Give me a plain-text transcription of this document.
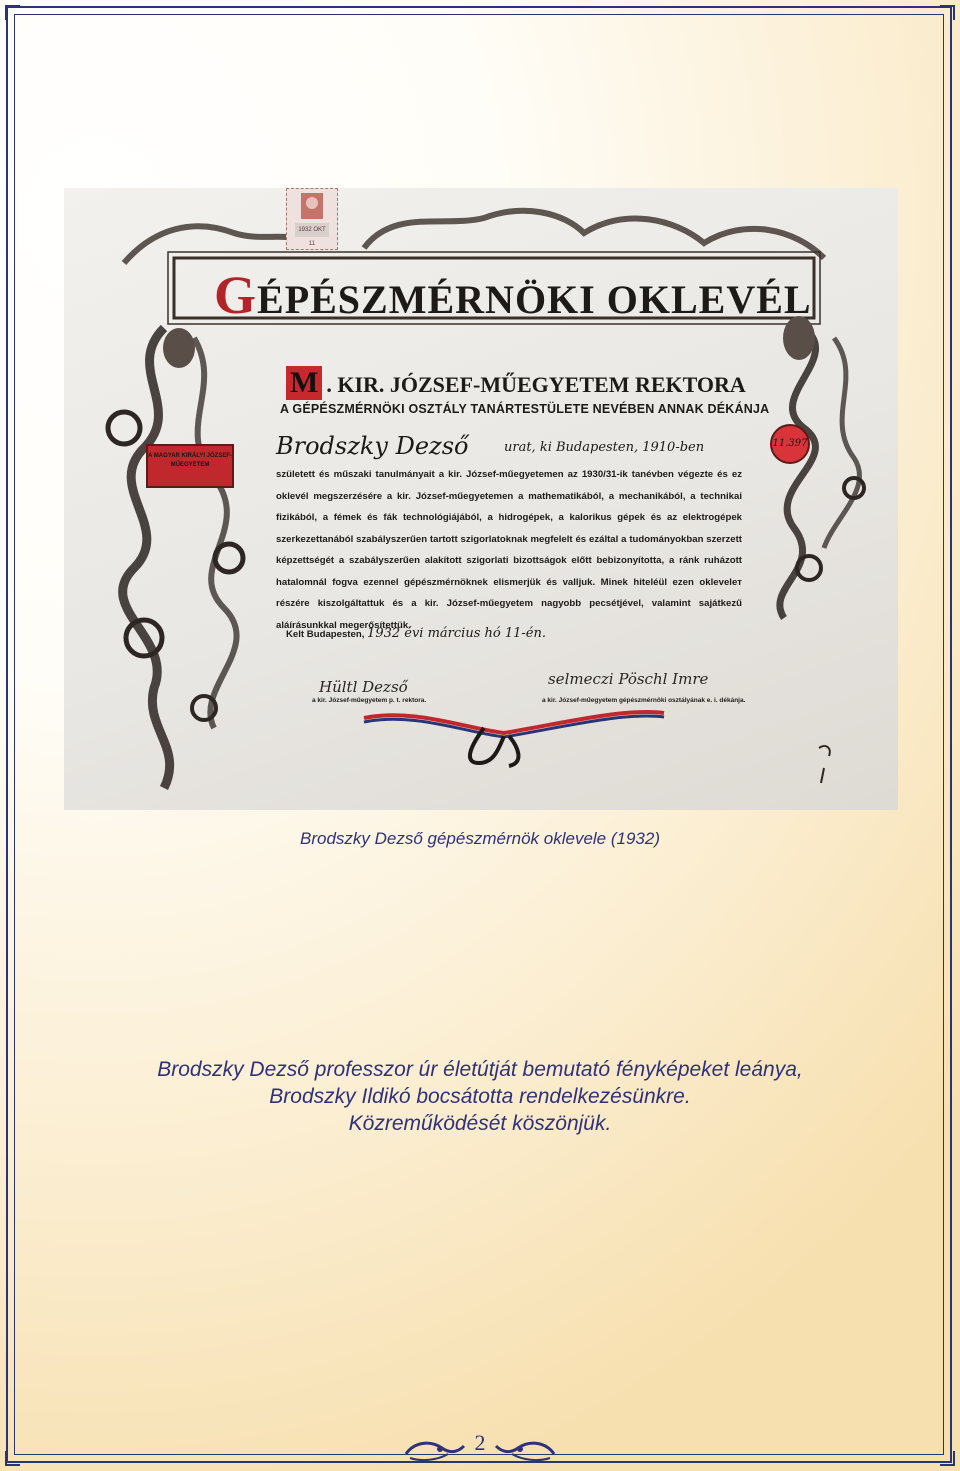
1932 OKT 11
GÉPÉSZMÉRNÖKI OKLEVÉL
M . KIR. JÓZSEF-MŰEGYETEM REKTORA
A GÉPÉSZMÉRNÖKI OSZTÁLY TANÁRTESTÜLETE NEVÉBEN ANNAK DÉKÁNJA
Brodszky Dezső	urat, ki Budapesten, 1910-ben
született és műszaki tanulmányait a kir. József-műegyetemen az 1930/31-ik tanévben végezte és ez oklevél megszerzésére a kir. József-műegyetemen a mathematikából, a mechanikából, a technikai fizikából, a fémek és fák technológiájából, a hidrogépek, a kalorikus gépek és az elektrogépek szerkezettanából szabályszerűen tartott szigorlatoknak megfelelt és ezáltal a tudományokban szerzett képzettségét a szabályszerűen alakított szigorlati bizottságok előtt bebizonyította, a ránk ruházott hatalomnál fogva ezennel gépészmérnöknek elismerjük és valljuk. Minek hiteléül ezen okleveleт részére kiszolgáltattuk és a kir. József-műegyetem nagyobb pecsétjével, valamint sajátkezű aláírásunkkal megerősítettük.
Kelt Budapesten, 1932 évi március hó 11-én.
Hültl Dezső
a kir. József-műegyetem p. t. rektora.
selmeczi Pöschl Imre
a kir. József-műegyetem gépészmérnöki osztályának e. i. dékánja.
A MAGYAR KIRÁLYI JÓZSEF-MŰEGYETEM
11.397
Brodszky Dezső gépészmérnök oklevele (1932)
Brodszky Dezső professzor úr életútját bemutató fényképeket leánya,
Brodszky Ildikó bocsátotta rendelkezésünkre.
Közreműködését köszönjük.
2
